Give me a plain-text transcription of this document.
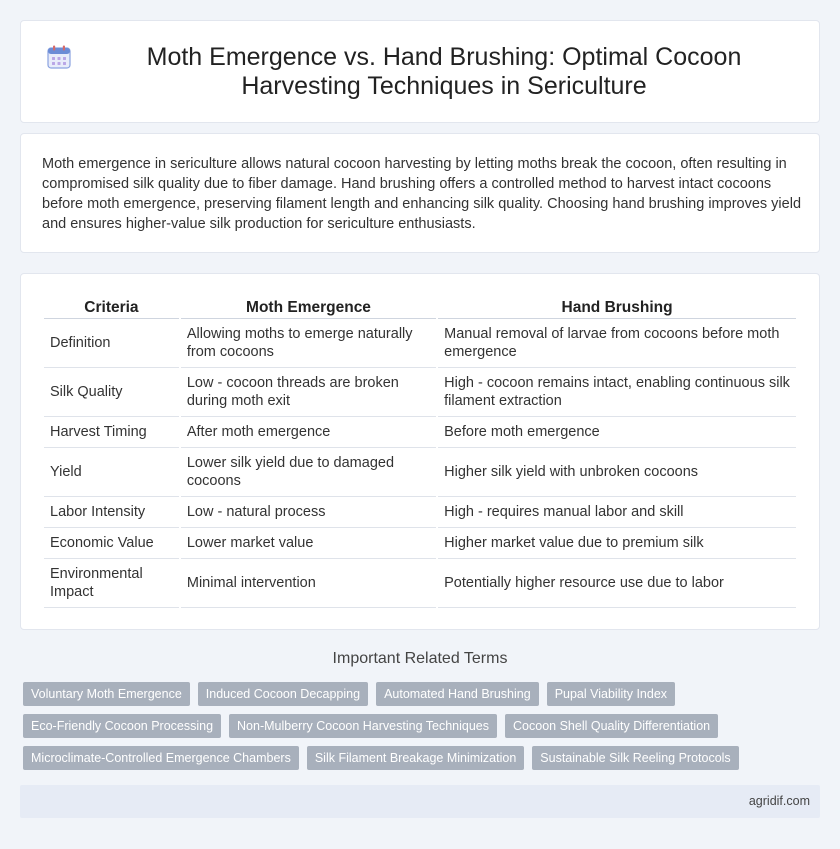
Moth Emergence vs. Hand Brushing: Optimal Cocoon Harvesting Techniques in Sericulture

Moth emergence in sericulture allows natural cocoon harvesting by letting moths break the cocoon, often resulting in compromised silk quality due to fiber damage. Hand brushing offers a controlled method to harvest intact cocoons before moth emergence, preserving filament length and enhancing silk quality. Choosing hand brushing improves yield and ensures higher-value silk production for sericulture enthusiasts.

Criteria	Moth Emergence	Hand Brushing
Definition	Allowing moths to emerge naturally from cocoons	Manual removal of larvae from cocoons before moth emergence
Silk Quality	Low - cocoon threads are broken during moth exit	High - cocoon remains intact, enabling continuous silk filament extraction
Harvest Timing	After moth emergence	Before moth emergence
Yield	Lower silk yield due to damaged cocoons	Higher silk yield with unbroken cocoons
Labor Intensity	Low - natural process	High - requires manual labor and skill
Economic Value	Lower market value	Higher market value due to premium silk
Environmental Impact	Minimal intervention	Potentially higher resource use due to labor
Important Related Terms
Voluntary Moth Emergence	Induced Cocoon Decapping	Automated Hand Brushing	Pupal Viability Index
Eco-Friendly Cocoon Processing	Non-Mulberry Cocoon Harvesting Techniques	Cocoon Shell Quality Differentiation
Microclimate-Controlled Emergence Chambers	Silk Filament Breakage Minimization	Sustainable Silk Reeling Protocols
agridif.com
